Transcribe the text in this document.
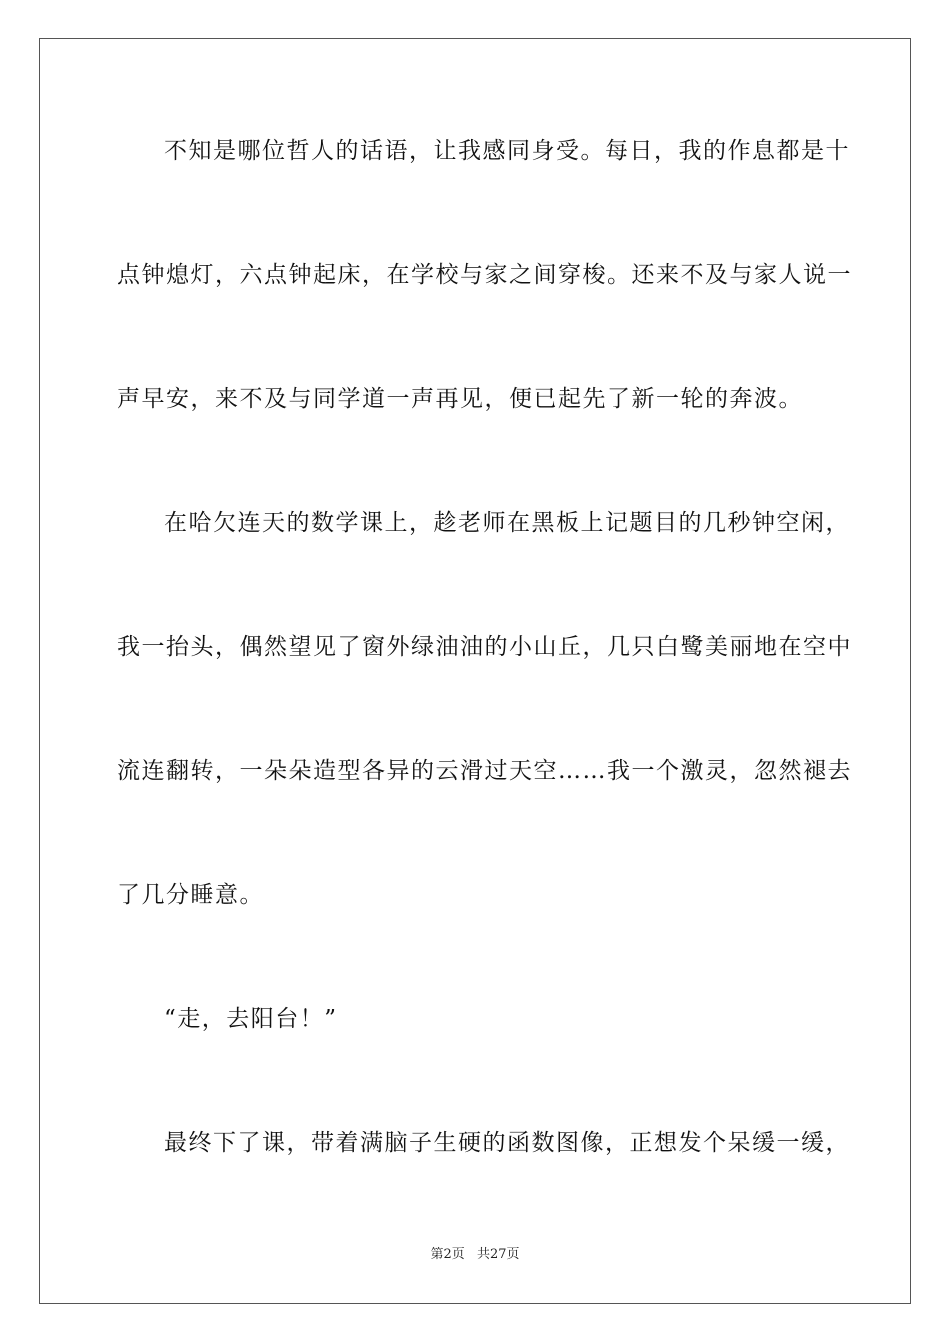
不知是哪位哲人的话语，让我感同身受。每日，我的作息都是十
点钟熄灯，六点钟起床，在学校与家之间穿梭。还来不及与家人说一
声早安，来不及与同学道一声再见，便已起先了新一轮的奔波。
在哈欠连天的数学课上，趁老师在黑板上记题目的几秒钟空闲，
我一抬头，偶然望见了窗外绿油油的小山丘，几只白鹭美丽地在空中
流连翻转，一朵朵造型各异的云滑过天空……我一个激灵，忽然褪去
了几分睡意。
“走，去阳台！”
最终下了课，带着满脑子生硬的函数图像，正想发个呆缓一缓，
第2页 共27页
